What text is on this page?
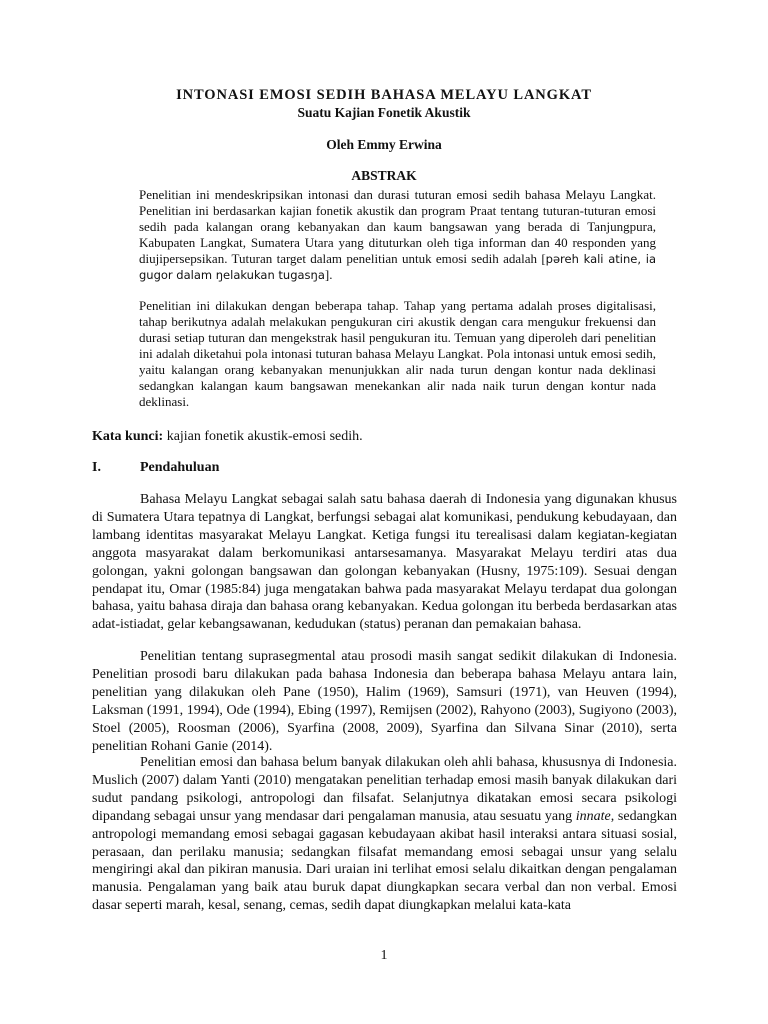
INTONASI EMOSI SEDIH BAHASA MELAYU LANGKAT
Suatu Kajian Fonetik Akustik
Oleh Emmy Erwina
ABSTRAK

Penelitian ini mendeskripsikan intonasi dan durasi tuturan emosi sedih bahasa Melayu Langkat. Penelitian ini berdasarkan kajian fonetik akustik dan program Praat tentang tuturan-tuturan emosi sedih pada kalangan orang kebanyakan dan kaum bangsawan yang berada di Tanjungpura, Kabupaten Langkat, Sumatera Utara yang dituturkan oleh tiga informan dan 40 responden yang diujipersepsikan. Tuturan target dalam penelitian untuk emosi sedih adalah [pəreh kali atine, ia gugor dalam ŋelakukan tugasŋa].

Penelitian ini dilakukan dengan beberapa tahap. Tahap yang pertama adalah proses digitalisasi, tahap berikutnya adalah melakukan pengukuran ciri akustik dengan cara mengukur frekuensi dan durasi setiap tuturan dan mengekstrak hasil pengukuran itu. Temuan yang diperoleh dari penelitian ini adalah diketahui pola intonasi tuturan bahasa Melayu Langkat. Pola intonasi untuk emosi sedih, yaitu kalangan orang kebanyakan menunjukkan alir nada turun dengan kontur nada deklinasi sedangkan kalangan kaum bangsawan menekankan alir nada naik turun dengan kontur nada deklinasi.

Kata kunci: kajian fonetik akustik-emosi sedih.

I.	Pendahuluan

Bahasa Melayu Langkat sebagai salah satu bahasa daerah di Indonesia yang digunakan khusus di Sumatera Utara tepatnya di Langkat, berfungsi sebagai alat komunikasi, pendukung kebudayaan, dan lambang identitas masyarakat Melayu Langkat. Ketiga fungsi itu terealisasi dalam kegiatan-kegiatan anggota masyarakat dalam berkomunikasi antarsesamanya. Masyarakat Melayu terdiri atas dua golongan, yakni golongan bangsawan dan golongan kebanyakan (Husny, 1975:109). Sesuai dengan pendapat itu, Omar (1985:84) juga mengatakan bahwa pada masyarakat Melayu terdapat dua golongan bahasa, yaitu bahasa diraja dan bahasa orang kebanyakan. Kedua golongan itu berbeda berdasarkan atas adat-istiadat, gelar kebangsawanan, kedudukan (status) peranan dan pemakaian bahasa.

Penelitian tentang suprasegmental atau prosodi masih sangat sedikit dilakukan di Indonesia. Penelitian prosodi baru dilakukan pada bahasa Indonesia dan beberapa bahasa Melayu antara lain, penelitian yang dilakukan oleh Pane (1950), Halim (1969), Samsuri (1971), van Heuven (1994), Laksman (1991, 1994), Ode (1994), Ebing (1997), Remijsen (2002), Rahyono (2003), Sugiyono (2003), Stoel (2005), Roosman (2006), Syarfina (2008, 2009), Syarfina dan Silvana Sinar (2010), serta penelitian Rohani Ganie (2014).

Penelitian emosi dan bahasa belum banyak dilakukan oleh ahli bahasa, khususnya di Indonesia. Muslich (2007) dalam Yanti (2010) mengatakan penelitian terhadap emosi masih banyak dilakukan dari sudut pandang psikologi, antropologi dan filsafat. Selanjutnya dikatakan emosi secara psikologi dipandang sebagai unsur yang mendasar dari pengalaman manusia, atau sesuatu yang innate, sedangkan antropologi memandang emosi sebagai gagasan kebudayaan akibat hasil interaksi antara situasi sosial, perasaan, dan perilaku manusia; sedangkan filsafat memandang emosi sebagai unsur yang selalu mengiringi akal dan pikiran manusia. Dari uraian ini terlihat emosi selalu dikaitkan dengan pengalaman manusia. Pengalaman yang baik atau buruk dapat diungkapkan secara verbal dan non verbal. Emosi dasar seperti marah, kesal, senang, cemas, sedih dapat diungkapkan melalui kata-kata

1
